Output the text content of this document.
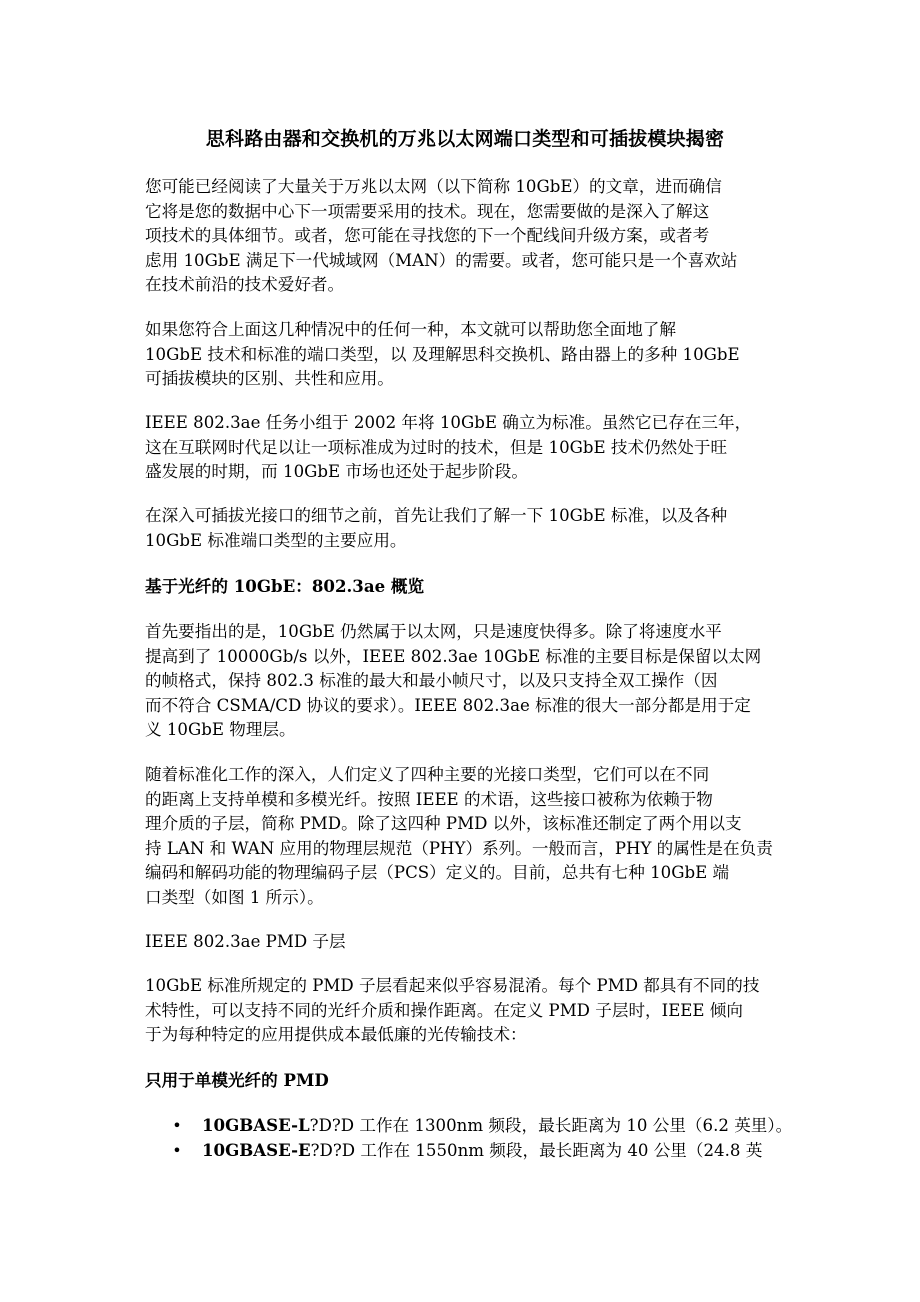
思科路由器和交换机的万兆以太网端口类型和可插拔模块揭密
您可能已经阅读了大量关于万兆以太网（以下简称 10GbE）的文章，进而确信
它将是您的数据中心下一项需要采用的技术。现在，您需要做的是深入了解这
项技术的具体细节。或者，您可能在寻找您的下一个配线间升级方案，或者考
虑用 10GbE 满足下一代城域网（MAN）的需要。或者，您可能只是一个喜欢站
在技术前沿的技术爱好者。
如果您符合上面这几种情况中的任何一种，本文就可以帮助您全面地了解
10GbE 技术和标准的端口类型，以 及理解思科交换机、路由器上的多种 10GbE
可插拔模块的区别、共性和应用。
IEEE 802.3ae 任务小组于 2002 年将 10GbE 确立为标准。虽然它已存在三年，
这在互联网时代足以让一项标准成为过时的技术，但是 10GbE 技术仍然处于旺
盛发展的时期，而 10GbE 市场也还处于起步阶段。
在深入可插拔光接口的细节之前，首先让我们了解一下 10GbE 标准，以及各种
10GbE 标准端口类型的主要应用。
基于光纤的 10GbE：802.3ae 概览
首先要指出的是，10GbE 仍然属于以太网，只是速度快得多。除了将速度水平
提高到了 10000Gb/s 以外，IEEE 802.3ae 10GbE 标准的主要目标是保留以太网
的帧格式，保持 802.3 标准的最大和最小帧尺寸，以及只支持全双工操作（因
而不符合 CSMA/CD 协议的要求）。IEEE 802.3ae 标准的很大一部分都是用于定
义 10GbE 物理层。
随着标准化工作的深入，人们定义了四种主要的光接口类型，它们可以在不同
的距离上支持单模和多模光纤。按照 IEEE 的术语，这些接口被称为依赖于物
理介质的子层，简称 PMD。除了这四种 PMD 以外，该标准还制定了两个用以支
持 LAN 和 WAN 应用的物理层规范（PHY）系列。一般而言，PHY 的属性是在负责
编码和解码功能的物理编码子层（PCS）定义的。目前，总共有七种 10GbE 端
口类型（如图 1 所示）。
IEEE 802.3ae PMD 子层
10GbE 标准所规定的 PMD 子层看起来似乎容易混淆。每个 PMD 都具有不同的技
术特性，可以支持不同的光纤介质和操作距离。在定义 PMD 子层时，IEEE 倾向
于为每种特定的应用提供成本最低廉的光传输技术：
只用于单模光纤的 PMD
• 10GBASE-L?D?D 工作在 1300nm 频段，最长距离为 10 公里（6.2 英里）。
• 10GBASE-E?D?D 工作在 1550nm 频段，最长距离为 40 公里（24.8 英
